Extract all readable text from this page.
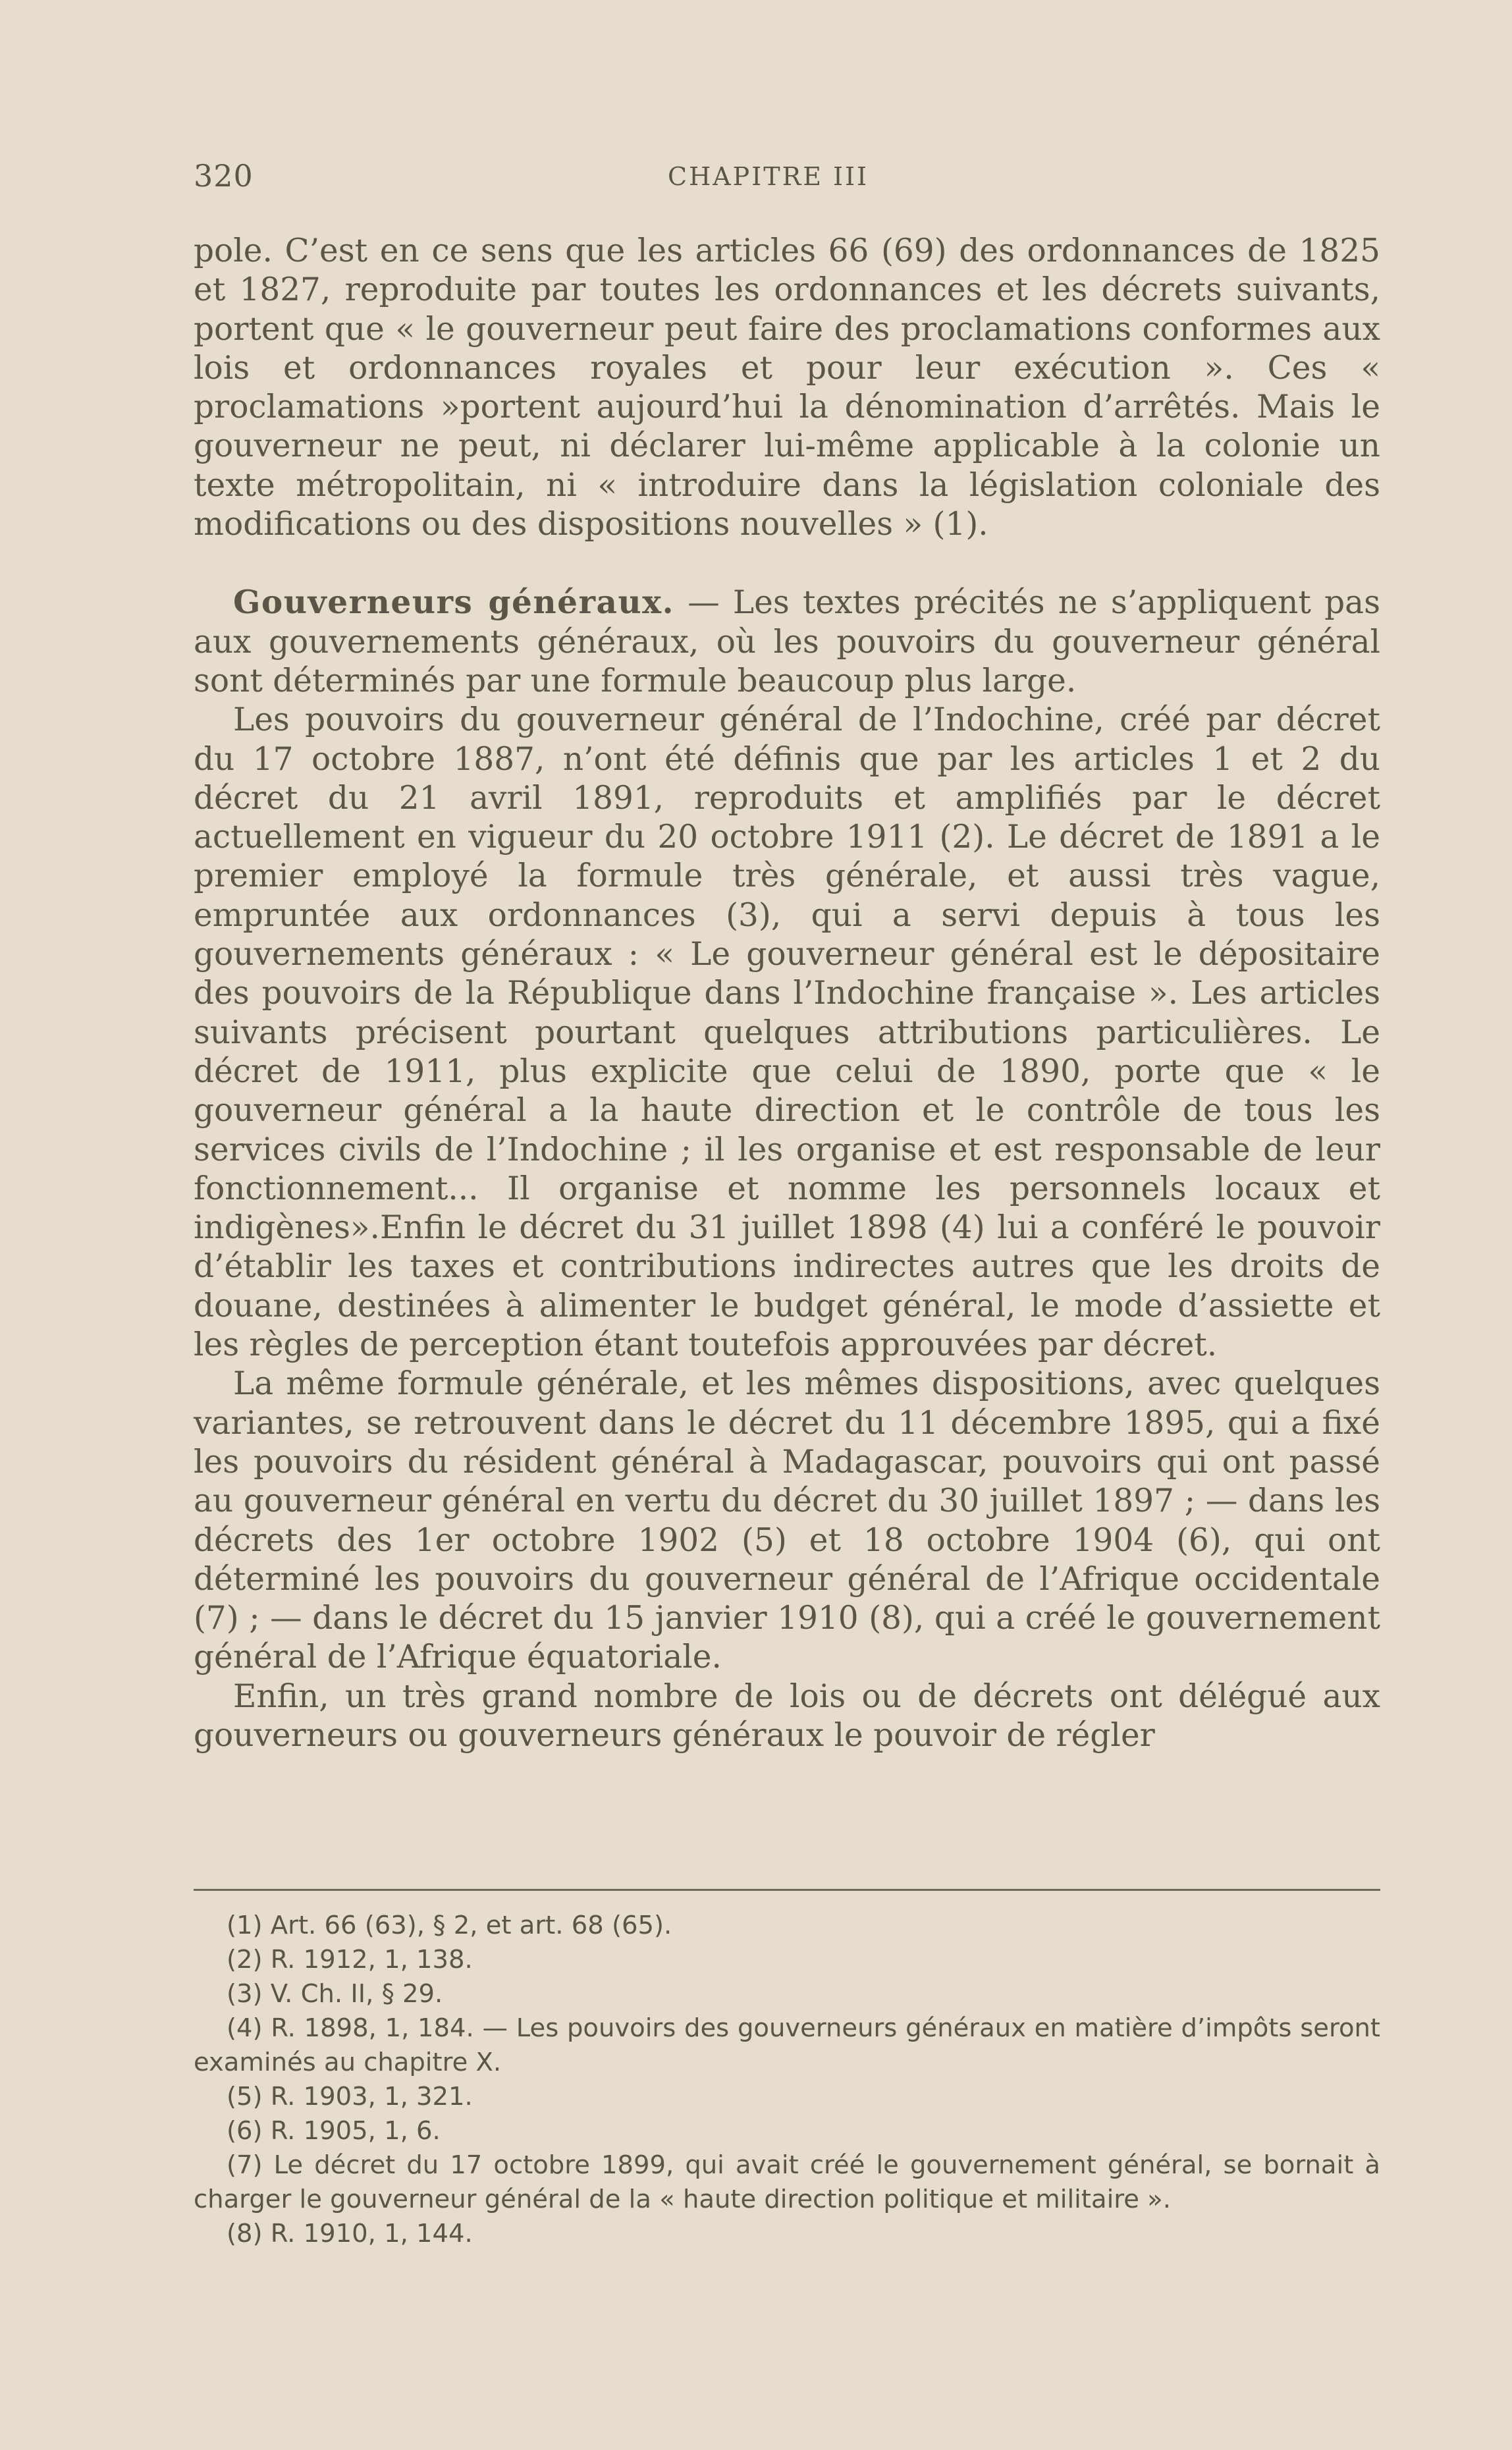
320	CHAPITRE III

pole. C’est en ce sens que les articles 66 (69) des ordonnances de 1825 et 1827, reproduite par toutes les ordonnances et les décrets suivants, portent que « le gouverneur peut faire des proclamations conformes aux lois et ordonnances royales et pour leur exécution ». Ces « proclamations »portent aujourd’hui la dénomination d’arrêtés. Mais le gouverneur ne peut, ni déclarer lui-même applicable à la colonie un texte métropolitain, ni « introduire dans la législation coloniale des modifications ou des dispositions nouvelles » (1).

Gouverneurs généraux. — Les textes précités ne s’appliquent pas aux gouvernements généraux, où les pouvoirs du gouverneur général sont déterminés par une formule beaucoup plus large.

Les pouvoirs du gouverneur général de l’Indochine, créé par décret du 17 octobre 1887, n’ont été définis que par les articles 1 et 2 du décret du 21 avril 1891, reproduits et amplifiés par le décret actuellement en vigueur du 20 octobre 1911 (2). Le décret de 1891 a le premier employé la formule très générale, et aussi très vague, empruntée aux ordonnances (3), qui a servi depuis à tous les gouvernements généraux : « Le gouverneur général est le dépositaire des pouvoirs de la République dans l’Indochine française ». Les articles suivants précisent pourtant quelques attributions particulières. Le décret de 1911, plus explicite que celui de 1890, porte que « le gouverneur général a la haute direction et le contrôle de tous les services civils de l’Indochine ; il les organise et est responsable de leur fonctionnement... Il organise et nomme les personnels locaux et indigènes».Enfin le décret du 31 juillet 1898 (4) lui a conféré le pouvoir d’établir les taxes et contributions indirectes autres que les droits de douane, destinées à alimenter le budget général, le mode d’assiette et les règles de perception étant toutefois approuvées par décret.

La même formule générale, et les mêmes dispositions, avec quelques variantes, se retrouvent dans le décret du 11 décembre 1895, qui a fixé les pouvoirs du résident général à Madagascar, pouvoirs qui ont passé au gouverneur général en vertu du décret du 30 juillet 1897 ; — dans les décrets des 1er octobre 1902 (5) et 18 octobre 1904 (6), qui ont déterminé les pouvoirs du gouverneur général de l’Afrique occidentale (7) ; — dans le décret du 15 janvier 1910 (8), qui a créé le gouvernement général de l’Afrique équatoriale.

Enfin, un très grand nombre de lois ou de décrets ont délégué aux gouverneurs ou gouverneurs généraux le pouvoir de régler

(1) Art. 66 (63), § 2, et art. 68 (65).

(2) R. 1912, 1, 138.

(3) V. Ch. II, § 29.

(4) R. 1898, 1, 184. — Les pouvoirs des gouverneurs généraux en matière d’impôts seront examinés au chapitre X.

(5) R. 1903, 1, 321.

(6) R. 1905, 1, 6.

(7) Le décret du 17 octobre 1899, qui avait créé le gouvernement général, se bornait à charger le gouverneur général de la « haute direction politique et militaire ».

(8) R. 1910, 1, 144.
